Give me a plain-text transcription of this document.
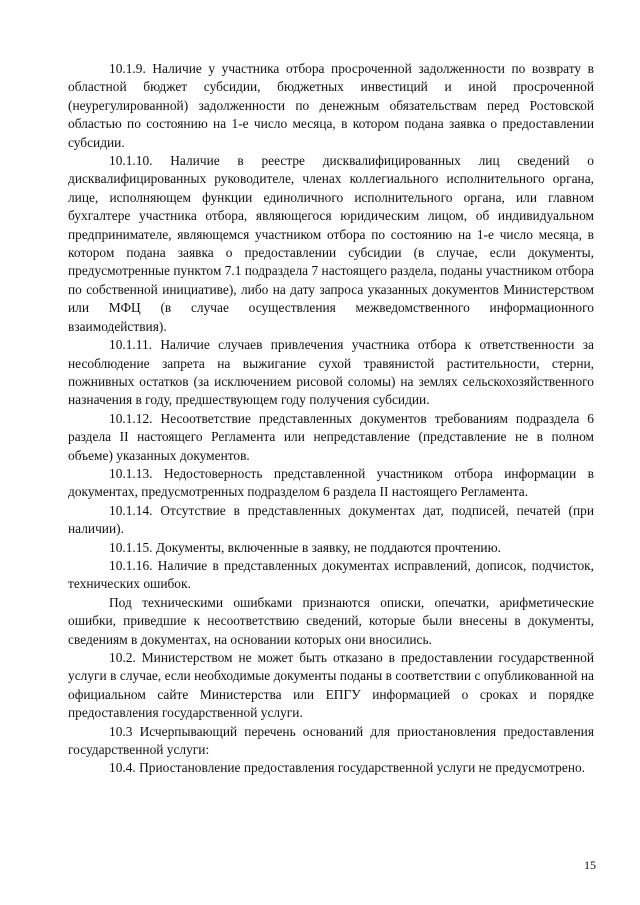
10.1.9. Наличие у участника отбора просроченной задолженности по возврату в областной бюджет субсидии, бюджетных инвестиций и иной просроченной (неурегулированной) задолженности по денежным обязательствам перед Ростовской областью по состоянию на 1-е число месяца, в котором подана заявка о предоставлении субсидии.

10.1.10. Наличие в реестре дисквалифицированных лиц сведений о дисквалифицированных руководителе, членах коллегиального исполнительного органа, лице, исполняющем функции единоличного исполнительного органа, или главном бухгалтере участника отбора, являющегося юридическим лицом, об индивидуальном предпринимателе, являющемся участником отбора по состоянию на 1-е число месяца, в котором подана заявка о предоставлении субсидии (в случае, если документы, предусмотренные пунктом 7.1 подраздела 7 настоящего раздела, поданы участником отбора по собственной инициативе), либо на дату запроса указанных документов Министерством или МФЦ (в случае осуществления межведомственного информационного взаимодействия).

10.1.11. Наличие случаев привлечения участника отбора к ответственности за несоблюдение запрета на выжигание сухой травянистой растительности, стерни, пожнивных остатков (за исключением рисовой соломы) на землях сельскохозяйственного назначения в году, предшествующем году получения субсидии.

10.1.12. Несоответствие представленных документов требованиям подраздела 6 раздела II настоящего Регламента или непредставление (представление не в полном объеме) указанных документов.

10.1.13. Недостоверность представленной участником отбора информации в документах, предусмотренных подразделом 6 раздела II настоящего Регламента.

10.1.14. Отсутствие в представленных документах дат, подписей, печатей (при наличии).

10.1.15. Документы, включенные в заявку, не поддаются прочтению.

10.1.16. Наличие в представленных документах исправлений, дописок, подчисток, технических ошибок.

Под техническими ошибками признаются описки, опечатки, арифметические ошибки, приведшие к несоответствию сведений, которые были внесены в документы, сведениям в документах, на основании которых они вносились.

10.2. Министерством не может быть отказано в предоставлении государственной услуги в случае, если необходимые документы поданы в соответствии с опубликованной на официальном сайте Министерства или ЕПГУ информацией о сроках и порядке предоставления государственной услуги.

10.3 Исчерпывающий перечень оснований для приостановления предоставления государственной услуги:

10.4. Приостановление предоставления государственной услуги не предусмотрено.

15
